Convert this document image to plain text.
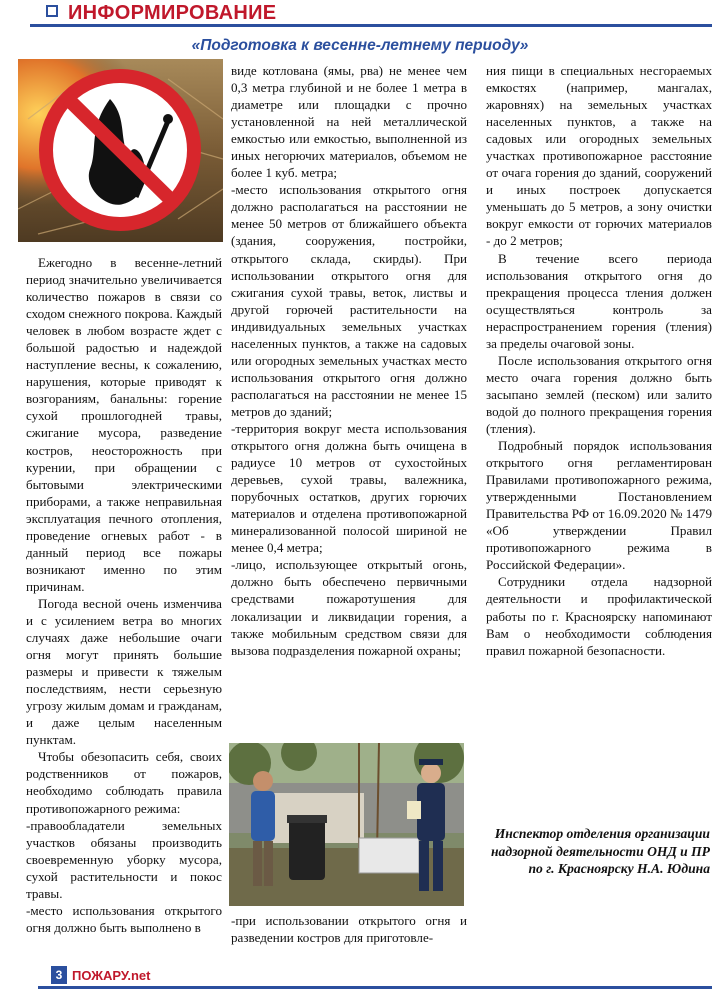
ИНФОРМИРОВАНИЕ
«Подготовка к весенне-летнему периоду»

Ежегодно в весенне-летний период значительно увеличивается количество пожаров в связи со сходом снежного покрова. Каждый человек в любом возрасте ждет с большой радостью и надеждой наступление весны, к сожалению, нарушения, которые приводят к возгораниям, банальны: горение сухой прошлогодней травы, сжигание мусора, разведение костров, неосторожность при курении, при обращении с бытовыми электрическими приборами, а также неправильная эксплуатация печного отопления, проведение огневых работ - в данный период все пожары возникают именно по этим причинам.

Погода весной очень изменчива и с усилением ветра во многих случаях даже небольшие очаги огня могут принять большие размеры и привести к тяжелым последствиям, нести серьезную угрозу жилым домам и гражданам, и даже целым населенным пунктам.

Чтобы обезопасить себя, своих родственников от пожаров, необходимо соблюдать правила противопожарного режима:

-правообладатели земельных участков обязаны производить своевременную уборку мусора, сухой растительности и покос травы.

-место использования открытого огня должно быть выполнено в

виде котлована (ямы, рва) не менее чем 0,3 метра глубиной и не более 1 метра в диаметре или площадки с прочно установленной на ней металлической емкостью или емкостью, выполненной из иных негорючих материалов, объемом не более 1 куб. метра;

-место использования открытого огня должно располагаться на расстоянии не менее 50 метров от ближайшего объекта (здания, сооружения, постройки, открытого склада, скирды). При использовании открытого огня для сжигания сухой травы, веток, листвы и другой горючей растительности на индивидуальных земельных участках населенных пунктов, а также на садовых или огородных земельных участках место использования открытого огня должно располагаться на расстоянии не менее 15 метров до зданий;

-территория вокруг места использования открытого огня должна быть очищена в радиусе 10 метров от сухостойных деревьев, сухой травы, валежника, порубочных остатков, других горючих материалов и отделена противопожарной минерализованной полосой шириной не менее 0,4 метра;

-лицо, использующее открытый огонь, должно быть обеспечено первичными средствами пожаротушения для локализации и ликвидации горения, а также мобильным средством связи для вызова подразделения пожарной охраны;

-при использовании открытого огня и разведении костров для приготовле-

ния пищи в специальных несгораемых емкостях (например, мангалах, жаровнях) на земельных участках населенных пунктов, а также на садовых или огородных земельных участках противопожарное расстояние от очага горения до зданий, сооружений и иных построек допускается уменьшать до 5 метров, а зону очистки вокруг емкости от горючих материалов - до 2 метров;

В течение всего периода использования открытого огня до прекращения процесса тления должен осуществляться контроль за нераспространением горения (тления) за пределы очаговой зоны.

После использования открытого огня место очага горения должно быть засыпано землей (песком) или залито водой до полного прекращения горения (тления).

Подробный порядок использования открытого огня регламентирован Правилами противопожарного режима, утвержденными Постановлением Правительства РФ от 16.09.2020 № 1479 «Об утверждении Правил противопожарного режима в Российской Федерации».

Сотрудники отдела надзорной деятельности и профилактической работы по г. Красноярску напоминают Вам о необходимости соблюдения правил пожарной безопасности.

Инспектор отделения организации надзорной деятельности ОНД и ПР по г. Красноярску Н.А. Юдина
3 ПОЖАРУ.net
